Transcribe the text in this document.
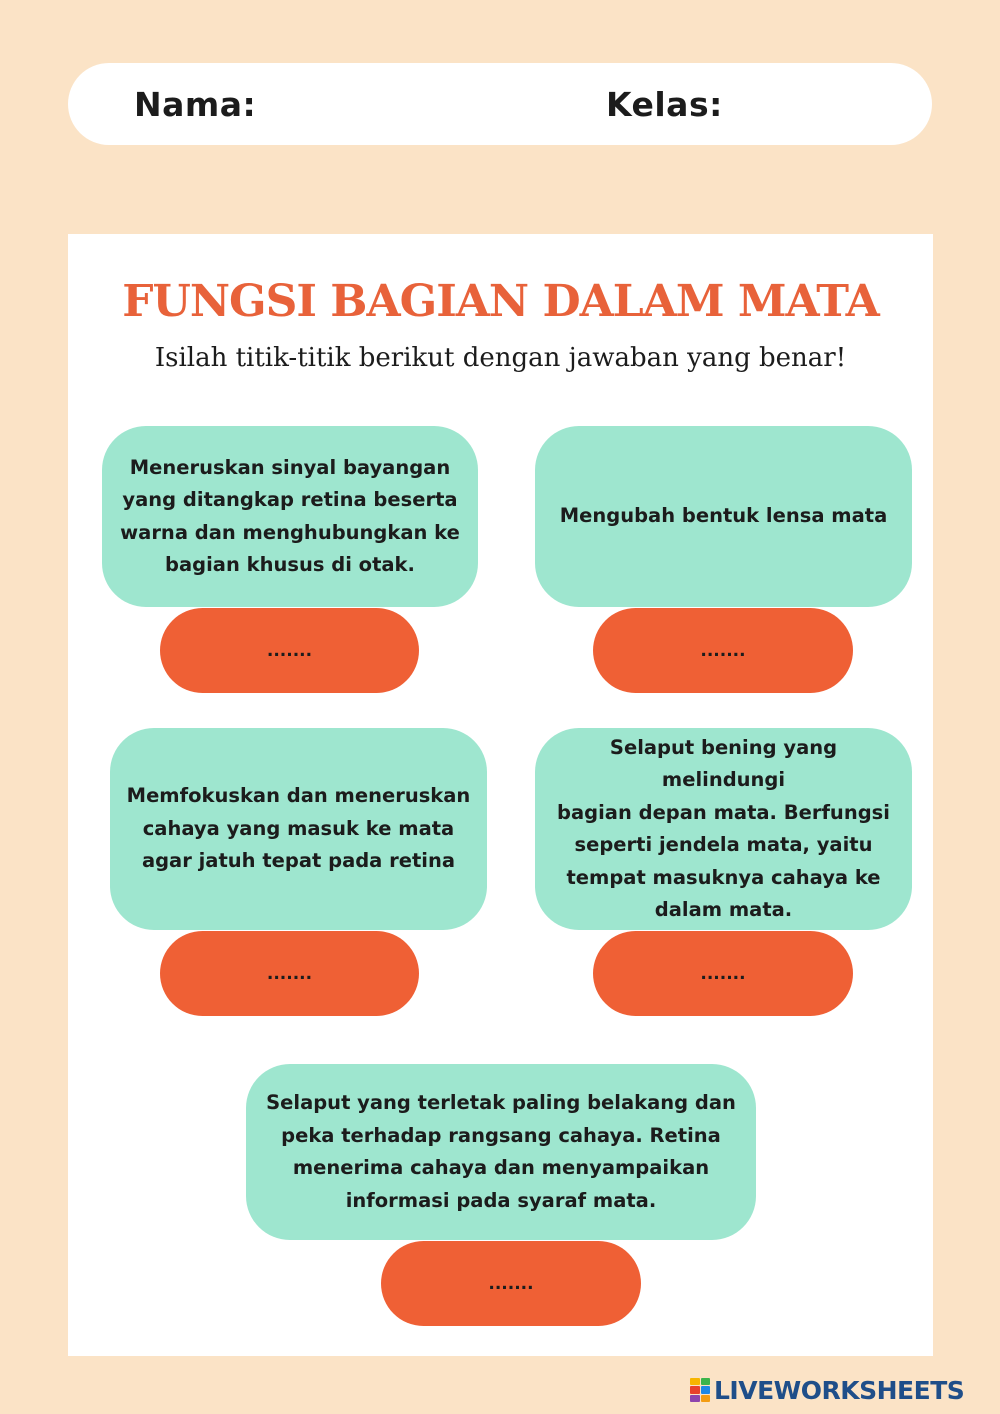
Nama:	Kelas:
FUNGSI BAGIAN DALAM MATA

Isilah titik-titik berikut dengan jawaban yang benar!

Meneruskan sinyal bayangan
yang ditangkap retina beserta
warna dan menghubungkan ke
bagian khusus di otak.
.......
Mengubah bentuk lensa mata
.......
Memfokuskan dan meneruskan
cahaya yang masuk ke mata
agar jatuh tepat pada retina
.......
Selaput bening yang melindungi
bagian depan mata. Berfungsi
seperti jendela mata, yaitu
tempat masuknya cahaya ke
dalam mata.
.......
Selaput yang terletak paling belakang dan
peka terhadap rangsang cahaya. Retina
menerima cahaya dan menyampaikan
informasi pada syaraf mata.
.......
LIVEWORKSHEETS
